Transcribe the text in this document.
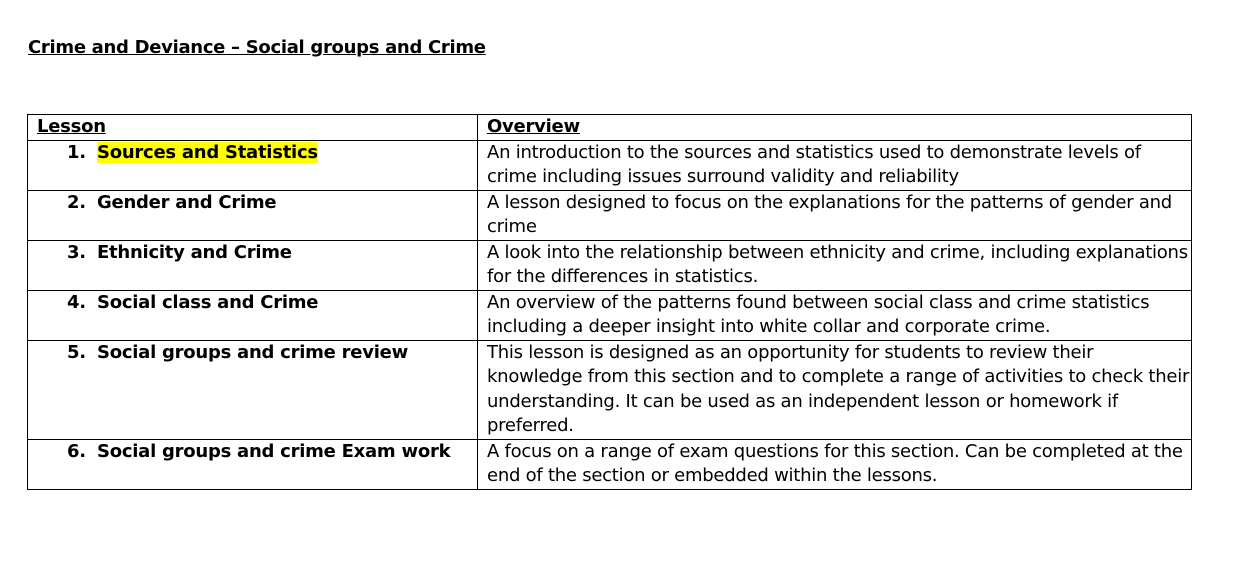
Crime and Deviance – Social groups and Crime
Lesson	Overview
1. Sources and Statistics	An introduction to the sources and statistics used to demonstrate levels of crime including issues surround validity and reliability
2. Gender and Crime	A lesson designed to focus on the explanations for the patterns of gender and crime
3. Ethnicity and Crime	A look into the relationship between ethnicity and crime, including explanations for the differences in statistics.
4. Social class and Crime	An overview of the patterns found between social class and crime statistics including a deeper insight into white collar and corporate crime.
5. Social groups and crime review	This lesson is designed as an opportunity for students to review their knowledge from this section and to complete a range of activities to check their understanding. It can be used as an independent lesson or homework if preferred.
6. Social groups and crime Exam work	A focus on a range of exam questions for this section. Can be completed at the end of the section or embedded within the lessons.
